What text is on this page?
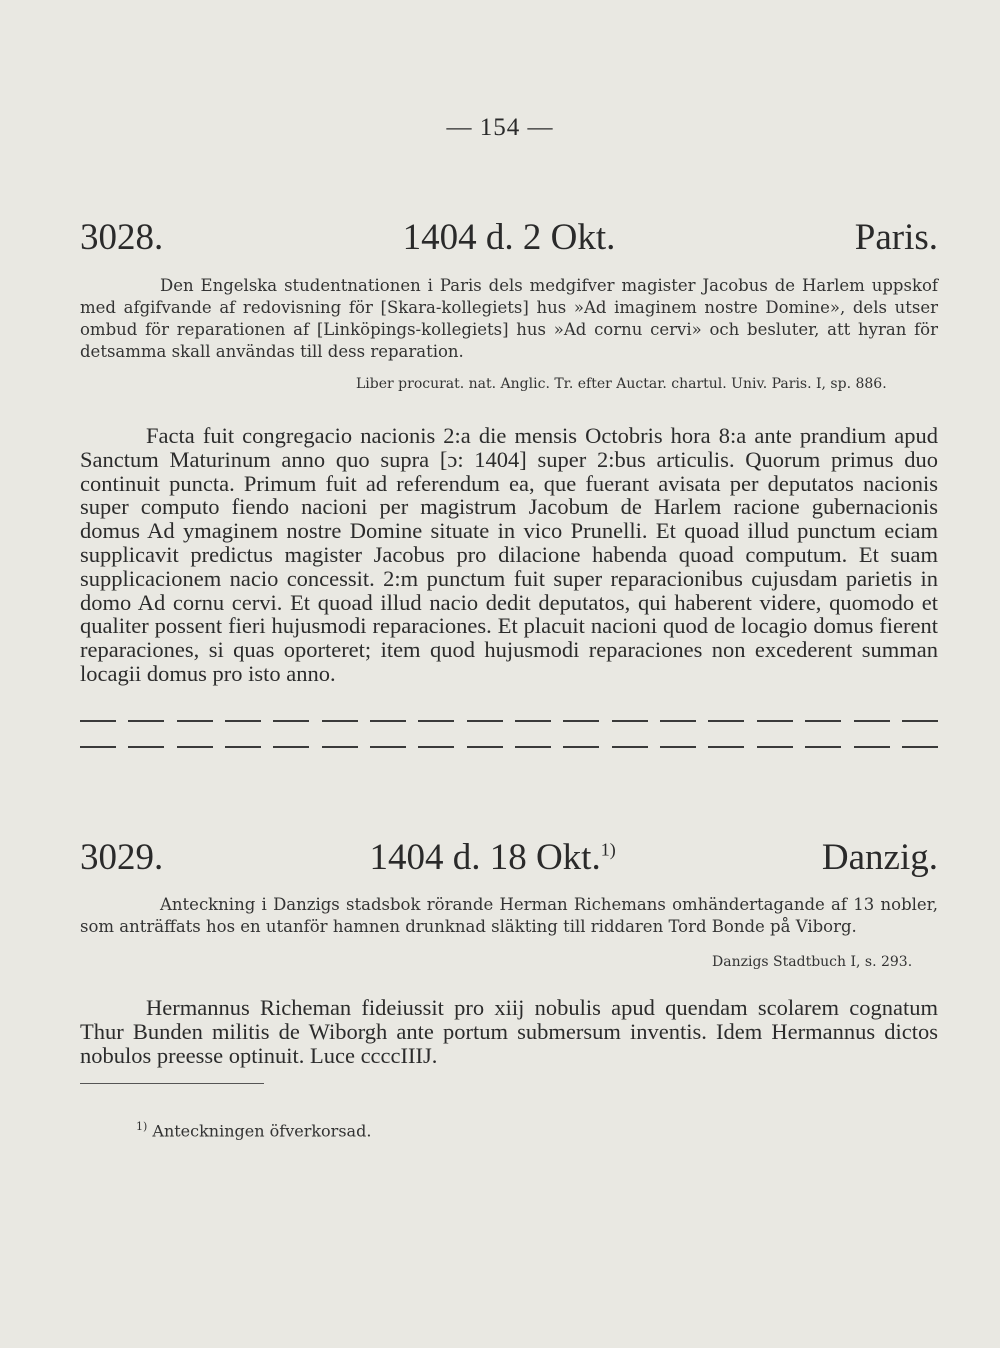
— 154 —
3028.	1404 d. 2 Okt.	Paris.

Den Engelska studentnationen i Paris dels medgifver magister Jacobus de Harlem uppskof med afgifvande af redovisning för [Skara-kollegiets] hus »Ad imaginem nostre Domine», dels utser ombud för reparationen af [Linköpings-kollegiets] hus »Ad cornu cervi» och besluter, att hyran för detsamma skall användas till dess reparation.

Liber procurat. nat. Anglic. Tr. efter Auctar. chartul. Univ. Paris. I, sp. 886.

Facta fuit congregacio nacionis 2:a die mensis Octobris hora 8:a ante prandium apud Sanctum Maturinum anno quo supra [ɔ: 1404] super 2:bus articulis. Quorum primus duo continuit puncta. Primum fuit ad referendum ea, que fuerant avisata per deputatos nacionis super computo fiendo nacioni per magistrum Jacobum de Harlem racione gubernacionis domus Ad ymaginem nostre Domine situate in vico Prunelli. Et quoad illud punctum eciam supplicavit predictus magister Jacobus pro dilacione habenda quoad computum. Et suam supplicacionem nacio concessit. 2:m punctum fuit super reparacionibus cujusdam parietis in domo Ad cornu cervi. Et quoad illud nacio dedit deputatos, qui haberent videre, quomodo et qualiter possent fieri hujusmodi reparaciones. Et placuit nacioni quod de locagio domus fierent reparaciones, si quas oporteret; item quod hujusmodi reparaciones non excederent summan locagii domus pro isto anno.

3029.	1404 d. 18 Okt.$^{1)}$	Danzig.

Anteckning i Danzigs stadsbok rörande Herman Richemans omhändertagande af 13 nobler, som anträffats hos en utanför hamnen drunknad släkting till riddaren Tord Bonde på Viborg.

Danzigs Stadtbuch I, s. 293.

Hermannus Richeman fideiussit pro xiij nobulis apud quendam scolarem cognatum Thur Bunden militis de Wiborgh ante portum submersum inventis. Idem Hermannus dictos nobulos preesse optinuit. Luce ccccIIIJ.

$^{1)}$ Anteckningen öfverkorsad.
